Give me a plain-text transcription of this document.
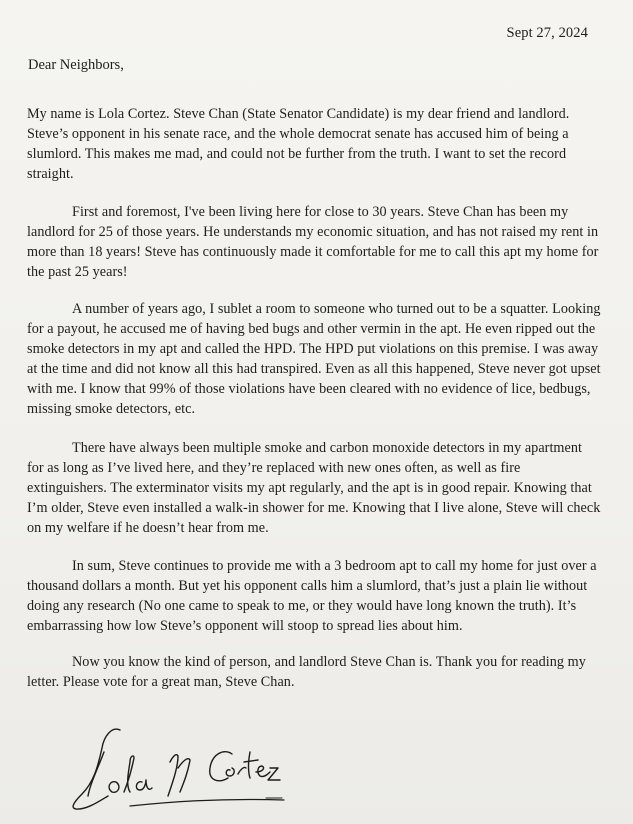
Sept 27, 2024
Dear Neighbors,

My name is Lola Cortez. Steve Chan (State Senator Candidate) is my dear friend and landlord. Steve’s opponent in his senate race, and the whole democrat senate has accused him of being a slumlord. This makes me mad, and could not be further from the truth. I want to set the record straight.

First and foremost, I've been living here for close to 30 years. Steve Chan has been my landlord for 25 of those years. He understands my economic situation, and has not raised my rent in more than 18 years! Steve has continuously made it comfortable for me to call this apt my home for the past 25 years!

A number of years ago, I sublet a room to someone who turned out to be a squatter. Looking for a payout, he accused me of having bed bugs and other vermin in the apt. He even ripped out the smoke detectors in my apt and called the HPD. The HPD put violations on this premise. I was away at the time and did not know all this had transpired. Even as all this happened, Steve never got upset with me. I know that 99% of those violations have been cleared with no evidence of lice, bedbugs, missing smoke detectors, etc.

There have always been multiple smoke and carbon monoxide detectors in my apartment for as long as I’ve lived here, and they’re replaced with new ones often, as well as fire extinguishers. The exterminator visits my apt regularly, and the apt is in good repair. Knowing that I’m older, Steve even installed a walk-in shower for me. Knowing that I live alone, Steve will check on my welfare if he doesn’t hear from me.

In sum, Steve continues to provide me with a 3 bedroom apt to call my home for just over a thousand dollars a month. But yet his opponent calls him a slumlord, that’s just a plain lie without doing any research (No one came to speak to me, or they would have long known the truth). It’s embarrassing how low Steve’s opponent will stoop to spread lies about him.

Now you know the kind of person, and landlord Steve Chan is. Thank you for reading my letter. Please vote for a great man, Steve Chan.
